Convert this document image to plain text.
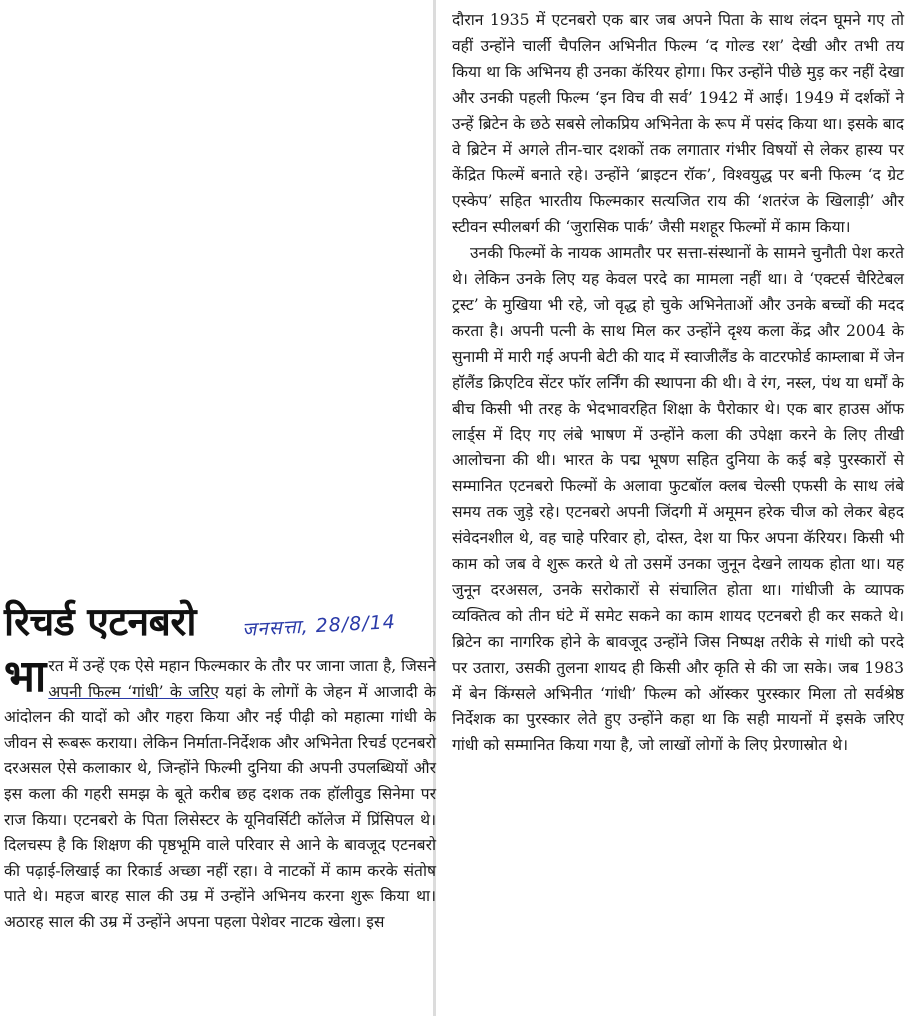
दौरान 1935 में एटनबरो एक बार जब अपने पिता के साथ लंदन घूमने गए तो वहीं उन्होंने चार्ली चैपलिन अभिनीत फिल्म ‘द गोल्ड रश’ देखी और तभी तय किया था कि अभिनय ही उनका कॅरियर होगा। फिर उन्होंने पीछे मुड़ कर नहीं देखा और उनकी पहली फिल्म ‘इन विच वी सर्व’ 1942 में आई। 1949 में दर्शकों ने उन्हें ब्रिटेन के छठे सबसे लोकप्रिय अभिनेता के रूप में पसंद किया था। इसके बाद वे ब्रिटेन में अगले तीन-चार दशकों तक लगातार गंभीर विषयों से लेकर हास्य पर केंद्रित फिल्में बनाते रहे। उन्होंने ‘ब्राइटन रॉक’, विश्वयुद्ध पर बनी फिल्म ‘द ग्रेट एस्केप’ सहित भारतीय फिल्मकार सत्यजित राय की ‘शतरंज के खिलाड़ी’ और स्टीवन स्पीलबर्ग की ‘जुरासिक पार्क’ जैसी मशहूर फिल्मों में काम किया।

उनकी फिल्मों के नायक आमतौर पर सत्ता-संस्थानों के सामने चुनौती पेश करते थे। लेकिन उनके लिए यह केवल परदे का मामला नहीं था। वे ‘एक्टर्स चैरिटेबल ट्रस्ट’ के मुखिया भी रहे, जो वृद्ध हो चुके अभिनेताओं और उनके बच्चों की मदद करता है। अपनी पत्नी के साथ मिल कर उन्होंने दृश्य कला केंद्र और 2004 के सुनामी में मारी गई अपनी बेटी की याद में स्वाजीलैंड के वाटरफोर्ड काम्लाबा में जेन हॉलैंड क्रिएटिव सेंटर फॉर लर्निंग की स्थापना की थी। वे रंग, नस्ल, पंथ या धर्मों के बीच किसी भी तरह के भेदभावरहित शिक्षा के पैरोकार थे। एक बार हाउस ऑफ लार्ड्स में दिए गए लंबे भाषण में उन्होंने कला की उपेक्षा करने के लिए तीखी आलोचना की थी। भारत के पद्म भूषण सहित दुनिया के कई बड़े पुरस्कारों से सम्मानित एटनबरो फिल्मों के अलावा फुटबॉल क्लब चेल्सी एफसी के साथ लंबे समय तक जुड़े रहे। एटनबरो अपनी जिंदगी में अमूमन हरेक चीज को लेकर बेहद संवेदनशील थे, वह चाहे परिवार हो, दोस्त, देश या फिर अपना कॅरियर। किसी भी काम को जब वे शुरू करते थे तो उसमें उनका जुनून देखने लायक होता था। यह जुनून दरअसल, उनके सरोकारों से संचालित होता था। गांधीजी के व्यापक व्यक्तित्व को तीन घंटे में समेट सकने का काम शायद एटनबरो ही कर सकते थे। ब्रिटेन का नागरिक होने के बावजूद उन्होंने जिस निष्पक्ष तरीके से गांधी को परदे पर उतारा, उसकी तुलना शायद ही किसी और कृति से की जा सके। जब 1983 में बेन किंग्सले अभिनीत ‘गांधी’ फिल्म को ऑस्कर पुरस्कार मिला तो सर्वश्रेष्ठ निर्देशक का पुरस्कार लेते हुए उन्होंने कहा था कि सही मायनों में इसके जरिए गांधी को सम्मानित किया गया है, जो लाखों लोगों के लिए प्रेरणास्रोत थे।

रिचर्ड एटनबरो जनसत्ता, 28/8/14
भारत में उन्हें एक ऐसे महान फिल्मकार के तौर पर जाना जाता है, जिसने अपनी फिल्म ‘गांधी’ के जरिए यहां के लोगों के जेहन में आजादी के आंदोलन की यादों को और गहरा किया और नई पीढ़ी को महात्मा गांधी के जीवन से रूबरू कराया। लेकिन निर्माता-निर्देशक और अभिनेता रिचर्ड एटनबरो दरअसल ऐसे कलाकार थे, जिन्होंने फिल्मी दुनिया की अपनी उपलब्धियों और इस कला की गहरी समझ के बूते करीब छह दशक तक हॉलीवुड सिनेमा पर राज किया। एटनबरो के पिता लिसेस्टर के यूनिवर्सिटी कॉलेज में प्रिंसिपल थे। दिलचस्प है कि शिक्षण की पृष्ठभूमि वाले परिवार से आने के बावजूद एटनबरो की पढ़ाई-लिखाई का रिकार्ड अच्छा नहीं रहा। वे नाटकों में काम करके संतोष पाते थे। महज बारह साल की उम्र में उन्होंने अभिनय करना शुरू किया था। अठारह साल की उम्र में उन्होंने अपना पहला पेशेवर नाटक खेला। इस
